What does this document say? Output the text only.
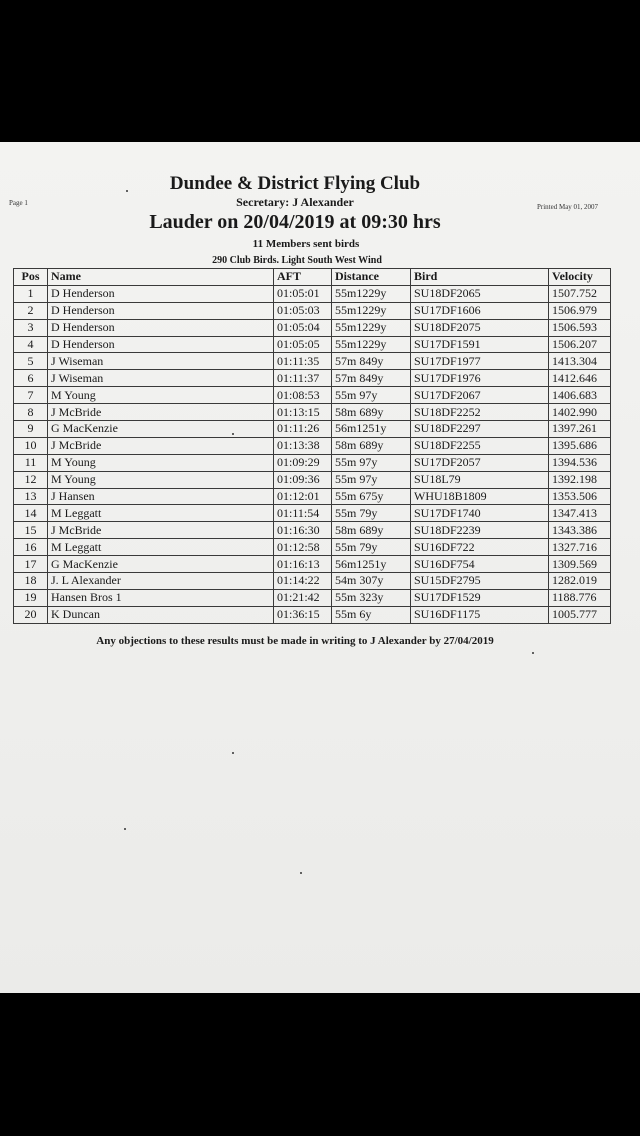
Page 1	Printed May 01, 2007
Dundee & District Flying Club
Secretary: J Alexander
Lauder on 20/04/2019 at 09:30 hrs
11 Members sent birds
290 Club Birds. Light South West Wind
Pos	Name	AFT	Distance	Bird	Velocity
1	D Henderson	01:05:01	55m1229y	SU18DF2065	1507.752
2	D Henderson	01:05:03	55m1229y	SU17DF1606	1506.979
3	D Henderson	01:05:04	55m1229y	SU18DF2075	1506.593
4	D Henderson	01:05:05	55m1229y	SU17DF1591	1506.207
5	J Wiseman	01:11:35	57m 849y	SU17DF1977	1413.304
6	J Wiseman	01:11:37	57m 849y	SU17DF1976	1412.646
7	M Young	01:08:53	55m 97y	SU17DF2067	1406.683
8	J McBride	01:13:15	58m 689y	SU18DF2252	1402.990
9	G MacKenzie	01:11:26	56m1251y	SU18DF2297	1397.261
10	J McBride	01:13:38	58m 689y	SU18DF2255	1395.686
11	M Young	01:09:29	55m 97y	SU17DF2057	1394.536
12	M Young	01:09:36	55m 97y	SU18L79	1392.198
13	J Hansen	01:12:01	55m 675y	WHU18B1809	1353.506
14	M Leggatt	01:11:54	55m 79y	SU17DF1740	1347.413
15	J McBride	01:16:30	58m 689y	SU18DF2239	1343.386
16	M Leggatt	01:12:58	55m 79y	SU16DF722	1327.716
17	G MacKenzie	01:16:13	56m1251y	SU16DF754	1309.569
18	J. L Alexander	01:14:22	54m 307y	SU15DF2795	1282.019
19	Hansen Bros 1	01:21:42	55m 323y	SU17DF1529	1188.776
20	K Duncan	01:36:15	55m 6y	SU16DF1175	1005.777
Any objections to these results must be made in writing to J Alexander by 27/04/2019
